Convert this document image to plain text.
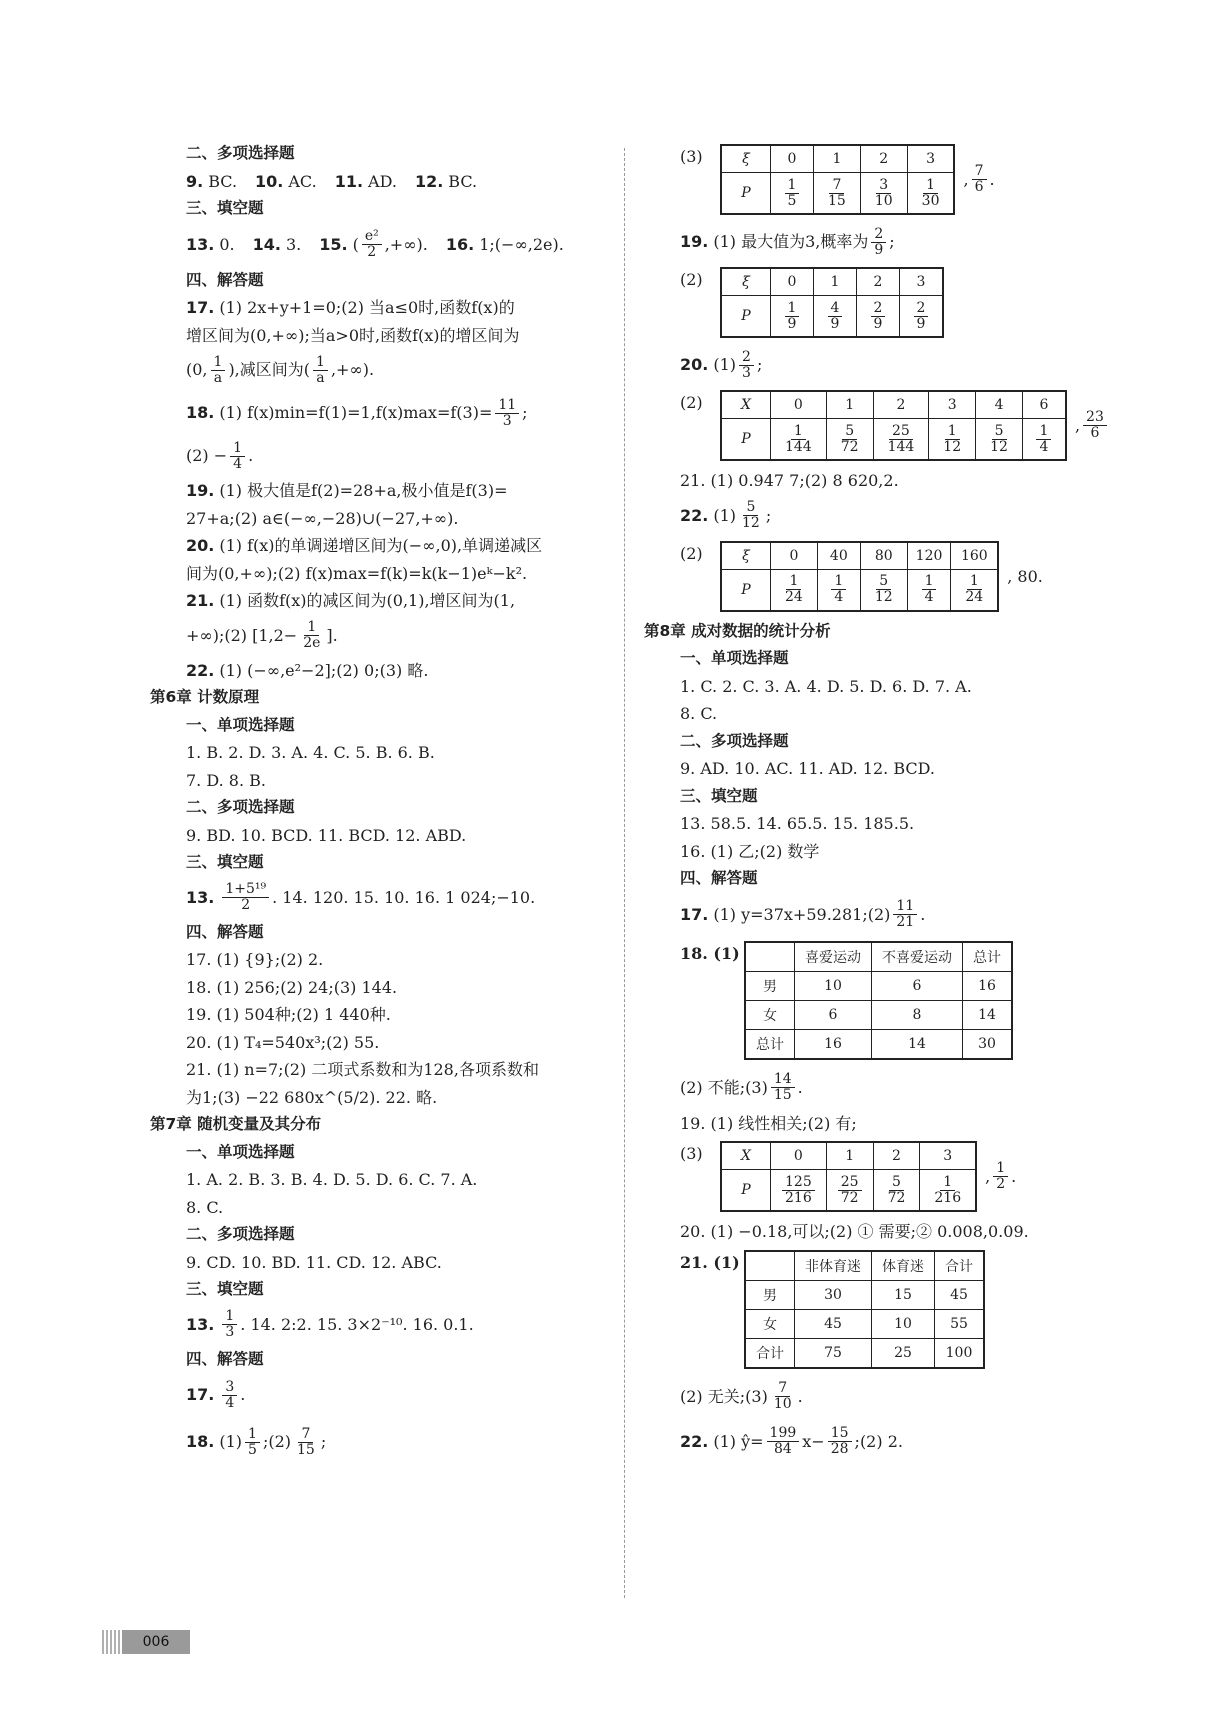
二、多项选择题
9. BC. 10. AC. 11. AD. 12. BC.
三、填空题
13. 0. 14. 3. 15. ( $\frac{\text{e²}}{2}$ ,+∞). 16. 1;(−∞,2e).
四、解答题
17. (1) 2x+y+1=0;(2) 当a≤0时,函数f(x)的
增区间为(0,+∞);当a>0时,函数f(x)的增区间为
(0, $\frac{1}{a}$ ),减区间为( $\frac{1}{a}$ ,+∞).
18. (1) $f(x)\min=f(1)=1,f(x)\max=f(3)= \frac{11}{3}$ ;
$(2) - \frac{1}{4}$ .
19. (1) 极大值是f(2)=28+a,极小值是f(3)=
27+a;(2) a∈(−∞,−28)∪(−27,+∞).
20. (1) f(x)的单调递增区间为(−∞,0),单调递减区
间为(0,+∞);(2) f(x)max=f(k)=k(k−1)eᵏ−k².
21. (1) 函数f(x)的减区间为(0,1),增区间为(1,
+∞);(2) [$1,2- \frac{1}{2e}$ ].
22. (1) (−∞,e²−2];(2) 0;(3) 略.
第6章 计数原理
一、单项选择题
1. B. 2. D. 3. A. 4. C. 5. B. 6. B.
7. D. 8. B.
二、多项选择题
9. BD. 10. BCD. 11. BCD. 12. ABD.
三、填空题
13. $\frac{\text{1+5¹⁹}}{2}$ . 14. 120. 15. 10. 16. 1 024;−10.
四、解答题
17. (1) {9};(2) 2.
18. (1) 256;(2) 24;(3) 144.
19. (1) 504种;(2) 1 440种.
20. (1) T₄=540x³;(2) 55.
21. (1) n=7;(2) 二项式系数和为128,各项系数和
为1;(3) −22 680x^(5/2). 22. 略.
第7章 随机变量及其分布
一、单项选择题
1. A. 2. B. 3. B. 4. D. 5. D. 6. C. 7. A.
8. C.
二、多项选择题
9. CD. 10. BD. 11. CD. 12. ABC.
三、填空题
13. $\frac{1}{3}$ . 14. 2:2. 15. 3×2⁻¹⁰. 16. 0.1.
四、解答题
17. $\frac{3}{4}$ .
18. $(1) \frac{1}{5}$ ;(2) $\frac{7}{15}$ ;
(3)	ξ	0	1	2	3
P	$\frac{1}{5}$	$\frac{7}{15}$	$\frac{3}{10}$	$\frac{1}{30}$ , $\frac{7}{6}$ .
19. (1) 最大值为3,概率为 $\frac{2}{9}$ ;
(2)	ξ	0	1	2	3
P	$\frac{1}{9}$	$\frac{4}{9}$	$\frac{2}{9}$	$\frac{2}{9}$
20. $(1) \frac{2}{3}$ ;
(2)	X	0	1	2	3	4	6
P	$\frac{1}{144}$	$\frac{5}{72}$	$\frac{25}{144}$	$\frac{1}{12}$	$\frac{5}{12}$	$\frac{1}{4}$ , $\frac{23}{6}$
21. (1) 0.947 7;(2) 8 620,2.
22. $(1) \frac{5}{12}$ ;
(2)	ξ	0	40	80	120	160
P	$\frac{1}{24}$	$\frac{1}{4}$	$\frac{5}{12}$	$\frac{1}{4}$	$\frac{1}{24}$ , 80.
第8章 成对数据的统计分析
一、单项选择题
1. C. 2. C. 3. A. 4. D. 5. D. 6. D. 7. A.
8. C.
二、多项选择题
9. AD. 10. AC. 11. AD. 12. BCD.
三、填空题
13. 58.5. 14. 65.5. 15. 185.5.
16. (1) 乙;(2) 数学
四、解答题
17. (1) y=37x+59.281;(2) $\frac{11}{21}$ .
18. (1)
		喜爱运动	不喜爱运动	总计
男	10	6	16
女	6	8	14
总计	16	14	30
(2) 不能;(3) $\frac{14}{15}$ .
19. (1) 线性相关;(2) 有;
(3)	X	0	1	2	3
P	$\frac{125}{216}$	$\frac{25}{72}$	$\frac{5}{72}$	$\frac{1}{216}$ , $\frac{1}{2}$ .
20. (1) −0.18,可以;(2) ① 需要;② 0.008,0.09.
21. (1)
		非体育迷	体育迷	合计
男	30	15	45
女	45	10	55
合计	75	25	100
(2) 无关;(3) $\frac{7}{10}$ .
22. (1) ŷ= $\frac{199}{84} x- \frac{15}{28}$ ;(2) 2.
006
